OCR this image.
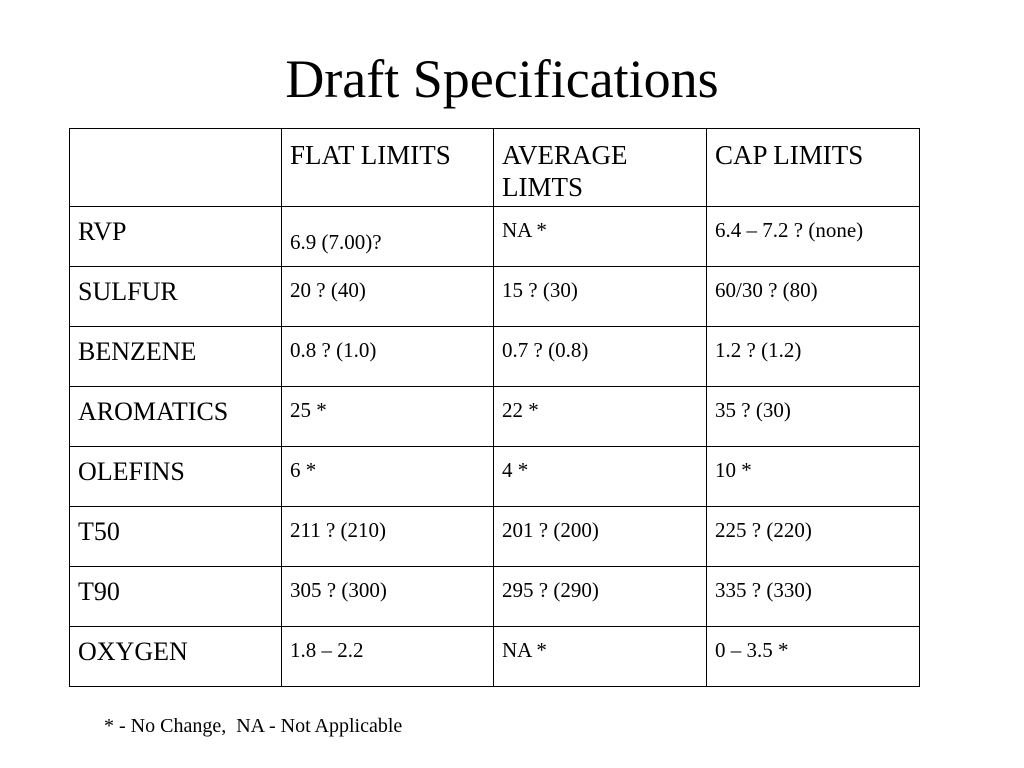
Draft Specifications
	FLAT LIMITS	AVERAGE LIMTS	CAP LIMITS
RVP	6.9 (7.00)?	NA *	6.4 – 7.2 ? (none)
SULFUR	20 ? (40)	15 ? (30)	60/30 ? (80)
BENZENE	0.8 ? (1.0)	0.7 ? (0.8)	1.2 ? (1.2)
AROMATICS	25 *	22 *	35 ? (30)
OLEFINS	6 *	4 *	10 *
T50	211 ? (210)	201 ? (200)	225 ? (220)
T90	305 ? (300)	295 ? (290)	335 ? (330)
OXYGEN	1.8 – 2.2	NA *	0 – 3.5 *
* - No Change,  NA - Not Applicable
